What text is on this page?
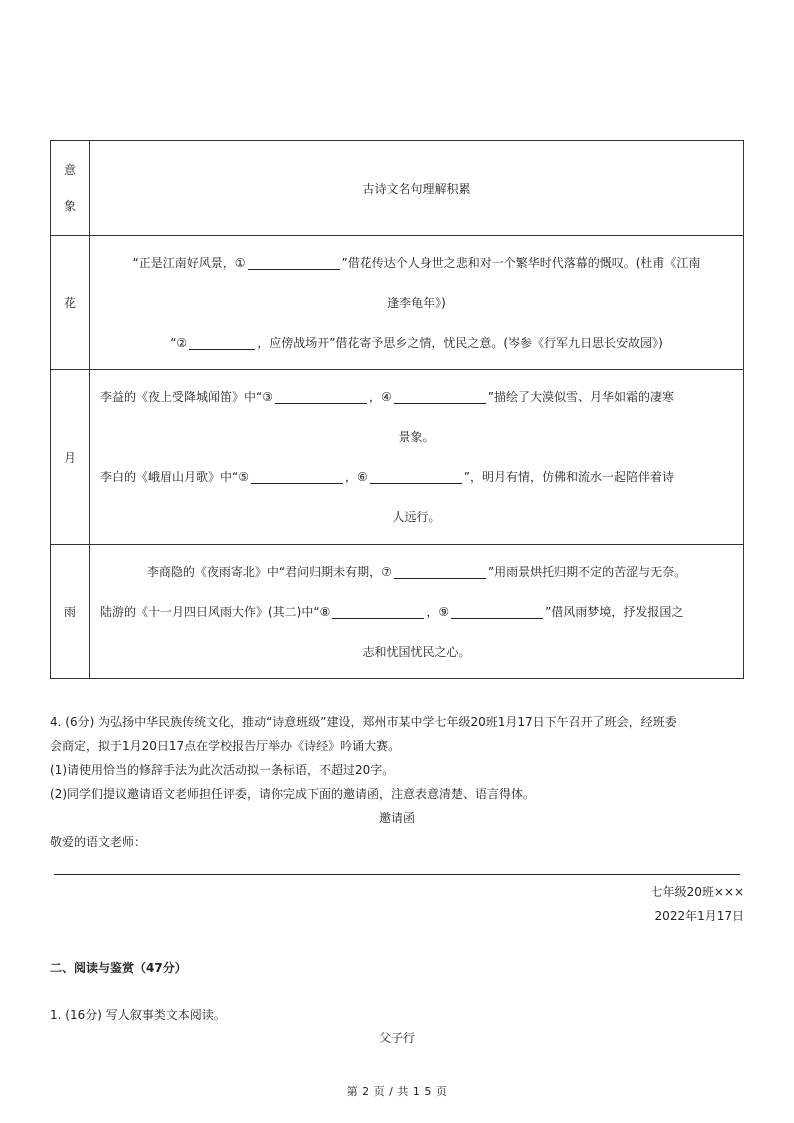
意
象	古诗文名句理解积累
花	“正是江南好风景，① ”借花传达个人身世之悲和对一个繁华时代落幕的慨叹。(杜甫《江南
逢李龟年》)
“② ，应傍战场开”借花寄予思乡之情，忧民之意。(岑参《行军九日思长安故园》)

月	李益的《夜上受降城闻笛》中“③ ，④ ”描绘了大漠似雪、月华如霜的凄寒
景象。
李白的《峨眉山月歌》中“⑤ ，⑥ ”，明月有情，仿佛和流水一起陪伴着诗
人远行。

雨	李商隐的《夜雨寄北》中“君问归期未有期，⑦ ”用雨景烘托归期不定的苦涩与无奈。
陆游的《十一月四日风雨大作》(其二)中“⑧ ，⑨ ”借风雨梦境，抒发报国之
志和忧国忧民之心。
4. (6分) 为弘扬中华民族传统文化，推动“诗意班级”建设，郑州市某中学七年级20班1月17日下午召开了班会，经班委
会商定，拟于1月20日17点在学校报告厅举办《诗经》吟诵大赛。
(1)请使用恰当的修辞手法为此次活动拟一条标语，不超过20字。
(2)同学们提议邀请语文老师担任评委，请你完成下面的邀请函，注意表意清楚、语言得体。
邀请函
敬爱的语文老师：
七年级20班×××
2022年1月17日
二、阅读与鉴赏（47分）
1. (16分) 写人叙事类文本阅读。
父子行
第 2 页 / 共 1 5 页
